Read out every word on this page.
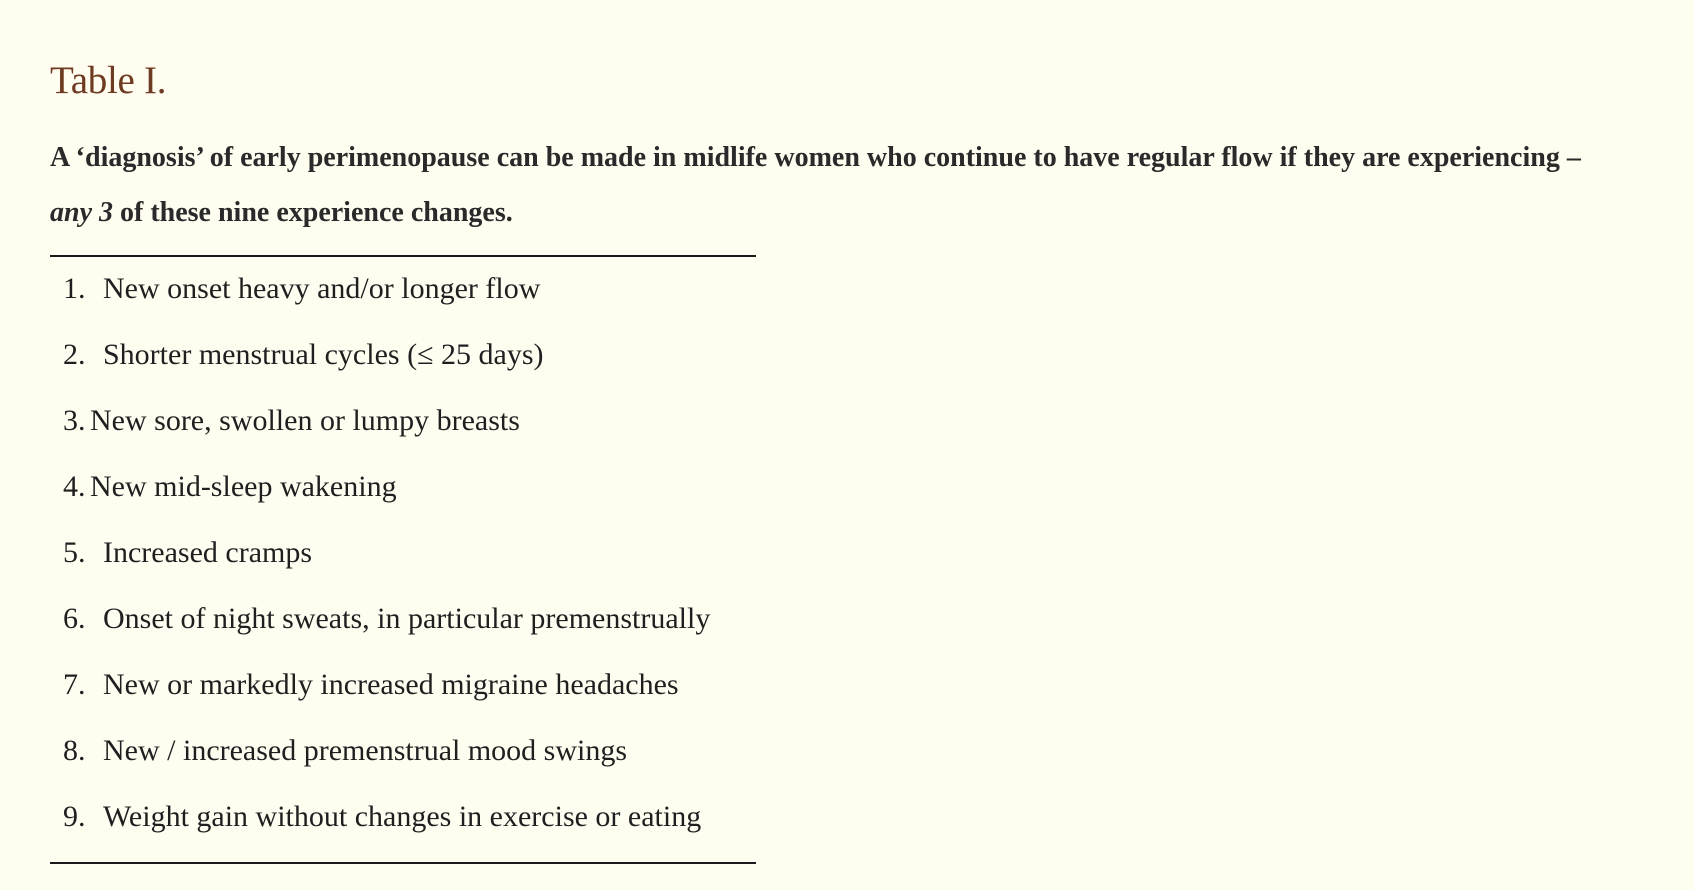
Table I.

A ‘diagnosis’ of early perimenopause can be made in midlife women who continue to have regular flow if they are experiencing – any 3 of these nine experience changes.

1. New onset heavy and/or longer flow
2. Shorter menstrual cycles (≤ 25 days)
3. New sore, swollen or lumpy breasts
4. New mid-sleep wakening
5. Increased cramps
6. Onset of night sweats, in particular premenstrually
7. New or markedly increased migraine headaches
8. New / increased premenstrual mood swings
9. Weight gain without changes in exercise or eating
